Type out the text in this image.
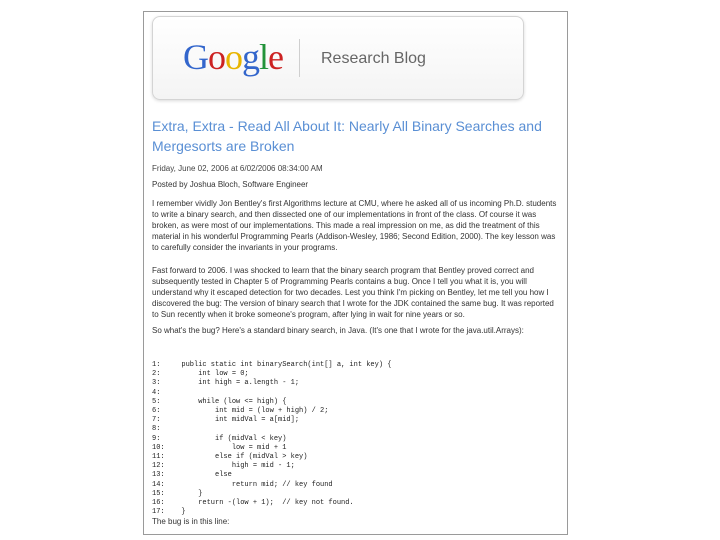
Google Research Blog
Extra, Extra - Read All About It: Nearly All Binary Searches and Mergesorts are Broken
Friday, June 02, 2006 at 6/02/2006 08:34:00 AM
Posted by Joshua Bloch, Software Engineer

I remember vividly Jon Bentley's first Algorithms lecture at CMU, where he asked all of us incoming Ph.D. students to write a binary search, and then dissected one of our implementations in front of the class. Of course it was broken, as were most of our implementations. This made a real impression on me, as did the treatment of this material in his wonderful Programming Pearls (Addison-Wesley, 1986; Second Edition, 2000). The key lesson was to carefully consider the invariants in your programs.

Fast forward to 2006. I was shocked to learn that the binary search program that Bentley proved correct and subsequently tested in Chapter 5 of Programming Pearls contains a bug. Once I tell you what it is, you will understand why it escaped detection for two decades. Lest you think I'm picking on Bentley, let me tell you how I discovered the bug: The version of binary search that I wrote for the JDK contained the same bug. It was reported to Sun recently when it broke someone's program, after lying in wait for nine years or so.

So what's the bug? Here's a standard binary search, in Java. (It's one that I wrote for the java.util.Arrays):

1:     public static int binarySearch(int[] a, int key) {
2:         int low = 0;
3:         int high = a.length - 1;
4:
5:         while (low <= high) {
6:             int mid = (low + high) / 2;
7:             int midVal = a[mid];
8:
9:             if (midVal < key)
10:                low = mid + 1
11:            else if (midVal > key)
12:                high = mid - 1;
13:            else
14:                return mid; // key found
15:        }
16:        return -(low + 1);  // key not found.
17:    }
The bug is in this line:
